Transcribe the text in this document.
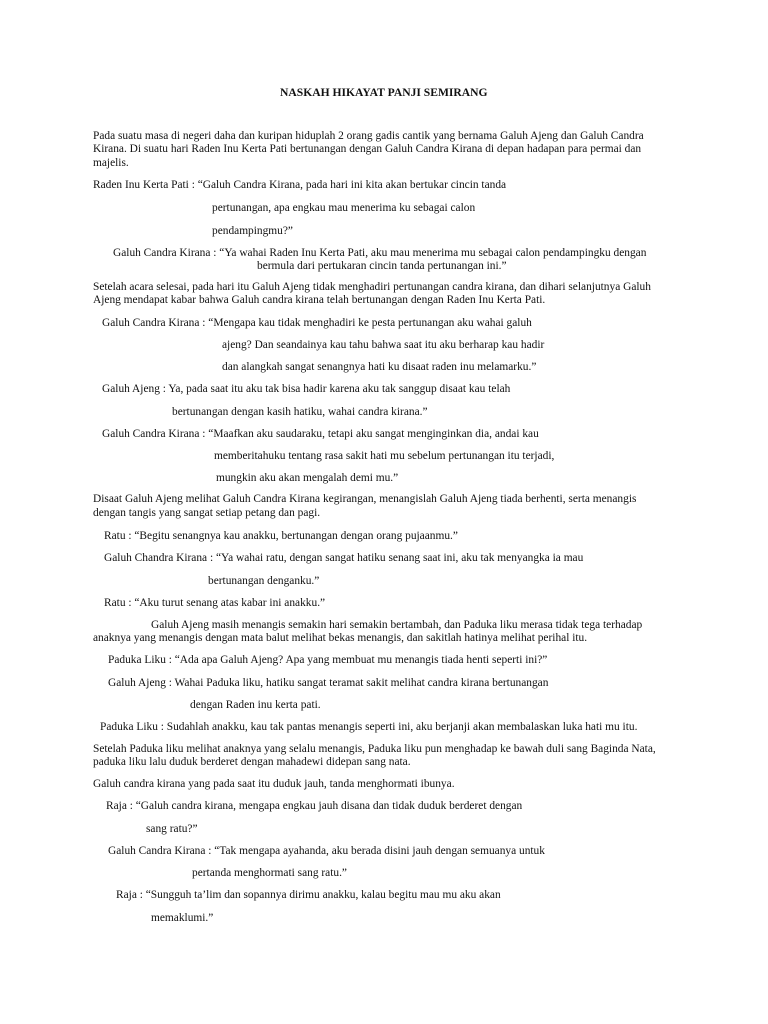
NASKAH HIKAYAT PANJI SEMIRANG
Pada suatu masa di negeri daha dan kuripan hiduplah 2 orang gadis cantik yang bernama Galuh Ajeng dan Galuh Candra
Kirana. Di suatu hari Raden Inu Kerta Pati bertunangan dengan Galuh Candra Kirana di depan hadapan para permai dan
majelis.
Raden Inu Kerta Pati : “Galuh Candra Kirana, pada hari ini kita akan bertukar cincin tanda
pertunangan, apa engkau mau menerima ku sebagai calon
pendampingmu?”
Galuh Candra Kirana : “Ya wahai Raden Inu Kerta Pati, aku mau menerima mu sebagai calon pendampingku dengan
bermula dari pertukaran cincin tanda pertunangan ini.”
Setelah acara selesai, pada hari itu Galuh Ajeng tidak menghadiri pertunangan candra kirana, dan dihari selanjutnya Galuh
Ajeng mendapat kabar bahwa Galuh candra kirana telah bertunangan dengan Raden Inu Kerta Pati.
Galuh Candra Kirana : “Mengapa kau tidak menghadiri ke pesta pertunangan aku wahai galuh
ajeng? Dan seandainya kau tahu bahwa saat itu aku berharap kau hadir
dan alangkah sangat senangnya hati ku disaat raden inu melamarku.”
Galuh Ajeng : Ya, pada saat itu aku tak bisa hadir karena aku tak sanggup disaat kau telah
bertunangan dengan kasih hatiku, wahai candra kirana.”
Galuh Candra Kirana : “Maafkan aku saudaraku, tetapi aku sangat menginginkan dia, andai kau
memberitahuku tentang rasa sakit hati mu sebelum pertunangan itu terjadi,
mungkin aku akan mengalah demi mu.”
Disaat Galuh Ajeng melihat Galuh Candra Kirana kegirangan, menangislah Galuh Ajeng tiada berhenti, serta menangis
dengan tangis yang sangat setiap petang dan pagi.
Ratu : “Begitu senangnya kau anakku, bertunangan dengan orang pujaanmu.”
Galuh Chandra Kirana : “Ya wahai ratu, dengan sangat hatiku senang saat ini, aku tak menyangka ia mau
bertunangan denganku.”
Ratu : “Aku turut senang atas kabar ini anakku.”
Galuh Ajeng masih menangis semakin hari semakin bertambah, dan Paduka liku merasa tidak tega terhadap
anaknya yang menangis dengan mata balut melihat bekas menangis, dan sakitlah hatinya melihat perihal itu.
Paduka Liku : “Ada apa Galuh Ajeng? Apa yang membuat mu menangis tiada henti seperti ini?”
Galuh Ajeng : Wahai Paduka liku, hatiku sangat teramat sakit melihat candra kirana bertunangan
dengan Raden inu kerta pati.
Paduka Liku : Sudahlah anakku, kau tak pantas menangis seperti ini, aku berjanji akan membalaskan luka hati mu itu.
Setelah Paduka liku melihat anaknya yang selalu menangis, Paduka liku pun menghadap ke bawah duli sang Baginda Nata,
paduka liku lalu duduk berderet dengan mahadewi didepan sang nata.
Galuh candra kirana yang pada saat itu duduk jauh, tanda menghormati ibunya.
Raja : “Galuh candra kirana, mengapa engkau jauh disana dan tidak duduk berderet dengan
sang ratu?”
Galuh Candra Kirana : “Tak mengapa ayahanda, aku berada disini jauh dengan semuanya untuk
pertanda menghormati sang ratu.”
Raja : “Sungguh ta’lim dan sopannya dirimu anakku, kalau begitu mau mu aku akan
memaklumi.”
